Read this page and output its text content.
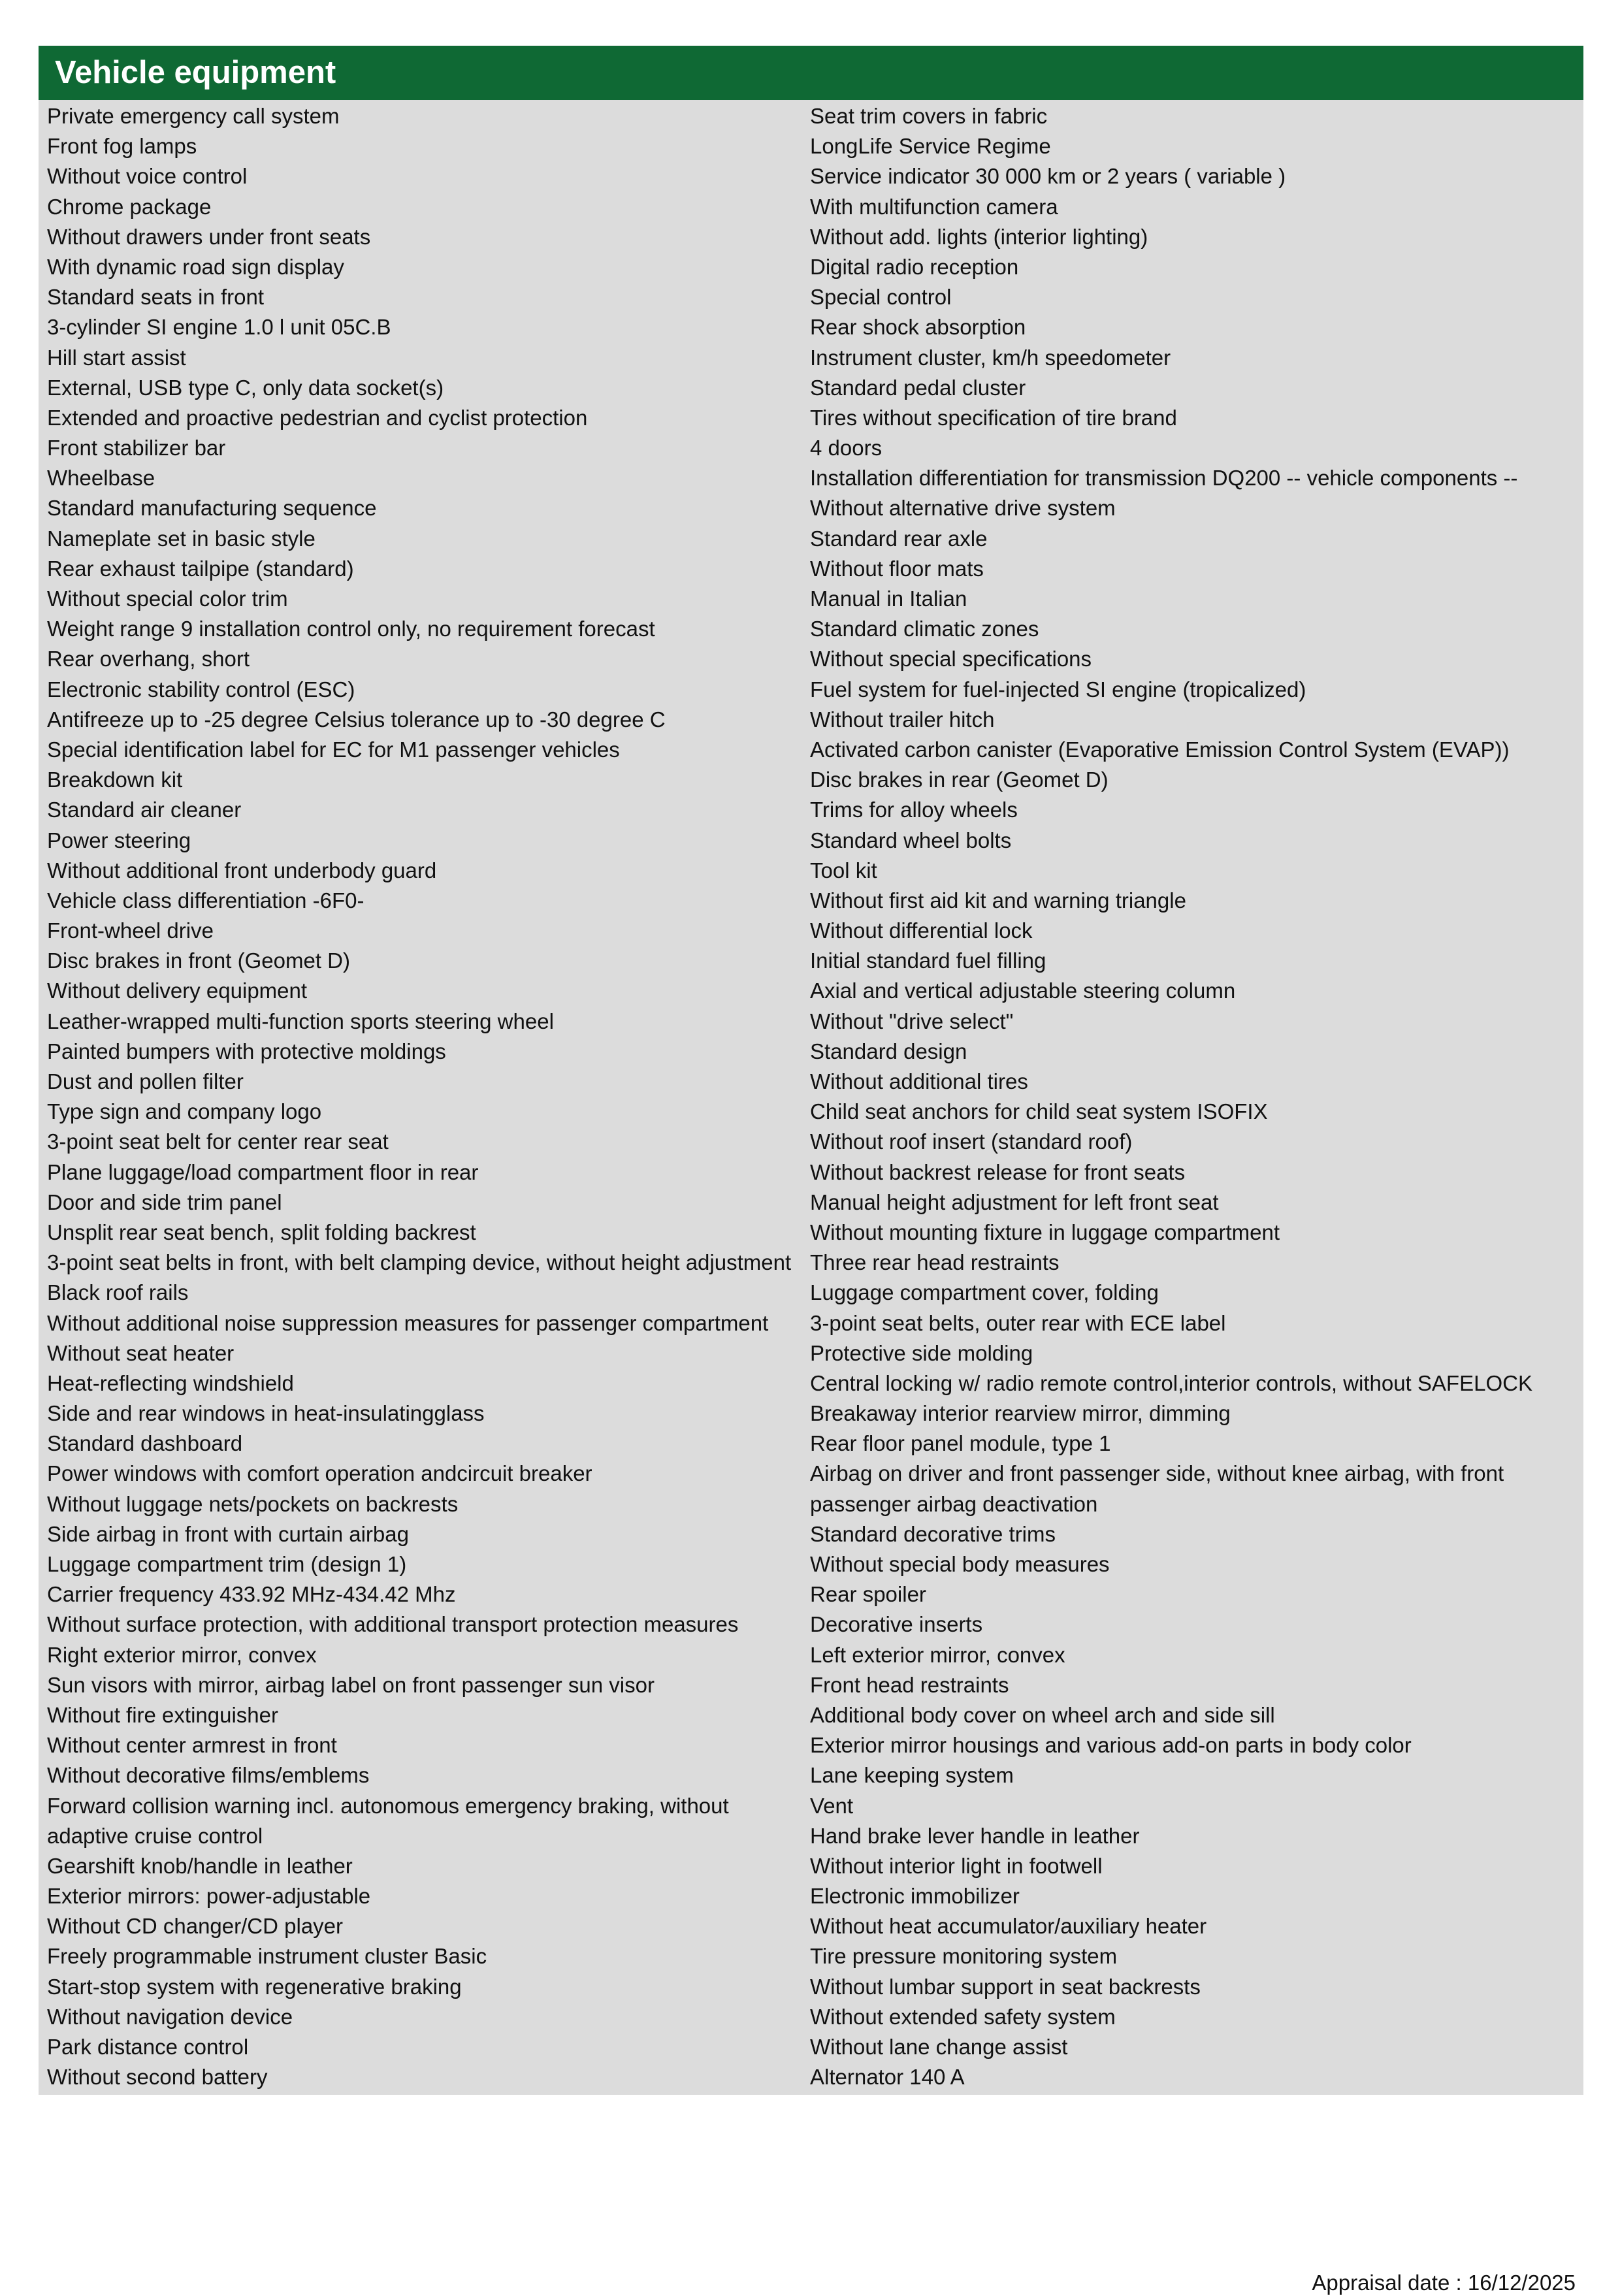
Vehicle equipment
Private emergency call system
Front fog lamps
Without voice control
Chrome package
Without drawers under front seats
With dynamic road sign display
Standard seats in front
3-cylinder SI engine 1.0 l unit 05C.B
Hill start assist
External, USB type C, only data socket(s)
Extended and proactive pedestrian and cyclist protection
Front stabilizer bar
Wheelbase
Standard manufacturing sequence
Nameplate set in basic style
Rear exhaust tailpipe (standard)
Without special color trim
Weight range 9 installation control only, no requirement forecast
Rear overhang, short
Electronic stability control (ESC)
Antifreeze up to -25 degree Celsius tolerance up to -30 degree C
Special identification label for EC for M1 passenger vehicles
Breakdown kit
Standard air cleaner
Power steering
Without additional front underbody guard
Vehicle class differentiation -6F0-
Front-wheel drive
Disc brakes in front (Geomet D)
Without delivery equipment
Leather-wrapped multi-function sports steering wheel
Painted bumpers with protective moldings
Dust and pollen filter
Type sign and company logo
3-point seat belt for center rear seat
Plane luggage/load compartment floor in rear
Door and side trim panel
Unsplit rear seat bench, split folding backrest
3-point seat belts in front, with belt clamping device, without height adjustment
Black roof rails
Without additional noise suppression measures for passenger compartment
Without seat heater
Heat-reflecting windshield
Side and rear windows in heat-insulatingglass
Standard dashboard
Power windows with comfort operation andcircuit breaker
Without luggage nets/pockets on backrests
Side airbag in front with curtain airbag
Luggage compartment trim (design 1)
Carrier frequency 433.92 MHz-434.42 Mhz
Without surface protection, with additional transport protection measures
Right exterior mirror, convex
Sun visors with mirror, airbag label on front passenger sun visor
Without fire extinguisher
Without center armrest in front
Without decorative films/emblems
Forward collision warning incl. autonomous emergency braking, without
adaptive cruise control
Gearshift knob/handle in leather
Exterior mirrors: power-adjustable
Without CD changer/CD player
Freely programmable instrument cluster Basic
Start-stop system with regenerative braking
Without navigation device
Park distance control
Without second battery
Seat trim covers in fabric
LongLife Service Regime
Service indicator 30 000 km or 2 years ( variable )
With multifunction camera
Without add. lights (interior lighting)
Digital radio reception
Special control
Rear shock absorption
Instrument cluster, km/h speedometer
Standard pedal cluster
Tires without specification of tire brand
4 doors
Installation differentiation for transmission DQ200 -- vehicle components --
Without alternative drive system
Standard rear axle
Without floor mats
Manual in Italian
Standard climatic zones
Without special specifications
Fuel system for fuel-injected SI engine (tropicalized)
Without trailer hitch
Activated carbon canister (Evaporative Emission Control System (EVAP))
Disc brakes in rear (Geomet D)
Trims for alloy wheels
Standard wheel bolts
Tool kit
Without first aid kit and warning triangle
Without differential lock
Initial standard fuel filling
Axial and vertical adjustable steering column
Without "drive select"
Standard design
Without additional tires
Child seat anchors for child seat system ISOFIX
Without roof insert (standard roof)
Without backrest release for front seats
Manual height adjustment for left front seat
Without mounting fixture in luggage compartment
Three rear head restraints
Luggage compartment cover, folding
3-point seat belts, outer rear with ECE label
Protective side molding
Central locking w/ radio remote control,interior controls, without SAFELOCK
Breakaway interior rearview mirror, dimming
Rear floor panel module, type 1
Airbag on driver and front passenger side, without knee airbag, with front
passenger airbag deactivation
Standard decorative trims
Without special body measures
Rear spoiler
Decorative inserts
Left exterior mirror, convex
Front head restraints
Additional body cover on wheel arch and side sill
Exterior mirror housings and various add-on parts in body color
Lane keeping system
Vent
Hand brake lever handle in leather
Without interior light in footwell
Electronic immobilizer
Without heat accumulator/auxiliary heater
Tire pressure monitoring system
Without lumbar support in seat backrests
Without extended safety system
Without lane change assist
Alternator 140 A
Appraisal date : 16/12/2025
